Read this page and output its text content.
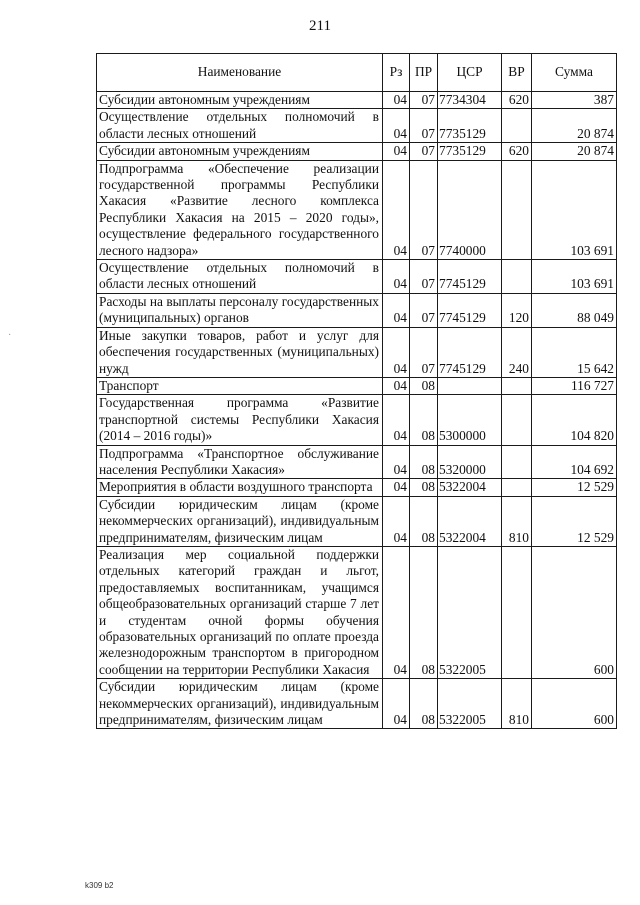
211
·
Наименование	Рз	ПР	ЦСР	ВР	Сумма
Субсидии автономным учреждениям	04	07	7734304	620	387
Осуществление отдельных полномочий в области лесных отношений	04	07	7735129		20 874
Субсидии автономным учреждениям	04	07	7735129	620	20 874
Подпрограмма «Обеспечение реализации государственной программы Республики Хакасия «Развитие лесного комплекса Республики Хакасия на 2015 – 2020 годы», осуществление федерального государственного лесного надзора»	04	07	7740000		103 691
Осуществление отдельных полномочий в области лесных отношений	04	07	7745129		103 691
Расходы на выплаты персоналу государственных (муниципальных) органов	04	07	7745129	120	88 049
Иные закупки товаров, работ и услуг для обеспечения государственных (муниципальных) нужд	04	07	7745129	240	15 642
Транспорт	04	08			116 727
Государственная программа «Развитие транспортной системы Республики Хакасия (2014 – 2016 годы)»	04	08	5300000		104 820
Подпрограмма «Транспортное обслуживание населения Республики Хакасия»	04	08	5320000		104 692
Мероприятия в области воздушного транспорта	04	08	5322004		12 529
Субсидии юридическим лицам (кроме некоммерческих организаций), индивидуальным предпринимателям, физическим лицам	04	08	5322004	810	12 529
Реализация мер социальной поддержки отдельных категорий граждан и льгот, предоставляемых воспитанникам, учащимся общеобразовательных организаций старше 7 лет и студентам очной формы обучения образовательных организаций по оплате проезда железнодорожным транспортом в пригородном сообщении на территории Республики Хакасия	04	08	5322005		600
Субсидии юридическим лицам (кроме некоммерческих организаций), индивидуальным предпринимателям, физическим лицам	04	08	5322005	810	600
k309 b2
